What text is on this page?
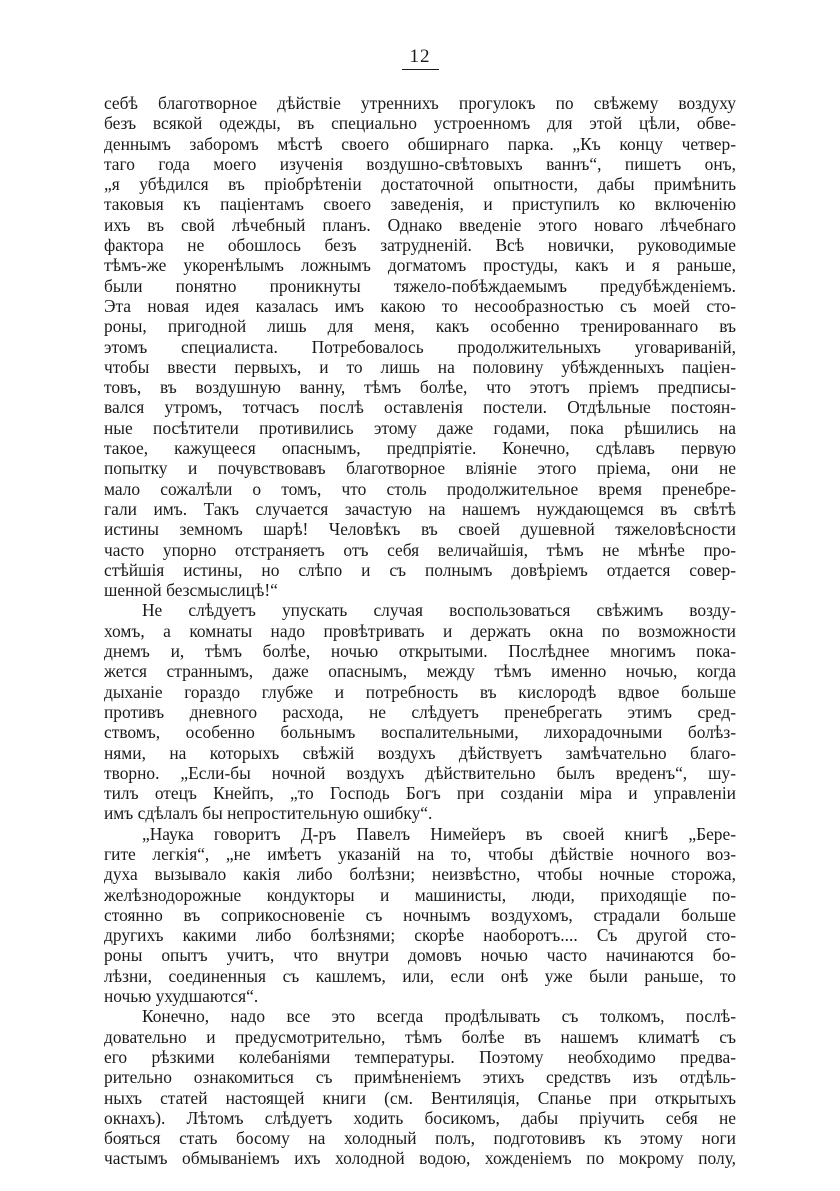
12
себѣ благотворное дѣйствіе утреннихъ прогулокъ по свѣжему воздуху
безъ всякой одежды, въ специально устроенномъ для этой цѣли, обве-
деннымъ заборомъ мѣстѣ своего обширнаго парка. „Къ концу четвер-
таго года моего изученія воздушно-свѣтовыхъ ваннъ“, пишетъ онъ,
„я убѣдился въ пріобрѣтеніи достаточной опытности, дабы примѣнить
таковыя къ пацiентамъ своего заведенія, и приступилъ ко включенію
ихъ въ свой лѣчебный планъ. Однако введеніе этого новаго лѣчебнаго
фактора не обошлось безъ затрудненій. Всѣ новички, руководимые
тѣмъ-же укоренѣлымъ ложнымъ догматомъ простуды, какъ и я раньше,
были понятно проникнуты тяжело-побѣждаемымъ предубѣжденіемъ.
Эта новая идея казалась имъ какою то несообразностью съ моей сто-
роны, пригодной лишь для меня, какъ особенно тренированнаго въ
этомъ специалиста. Потребовалось продолжительныхъ уговариваній,
чтобы ввести первыхъ, и то лишь на половину убѣжденныхъ пацiен-
товъ, въ воздушную ванну, тѣмъ болѣе, что этотъ пріемъ предписы-
вался утромъ, тотчасъ послѣ оставленія постели. Отдѣльные постоян-
ные посѣтители противились этому даже годами, пока рѣшились на
такое, кажущееся опаснымъ, предпріятіе. Конечно, сдѣлавъ первую
попытку и почувствовавъ благотворное вліяніе этого пріема, они не
мало сожалѣли о томъ, что столь продолжительное время пренебре-
гали имъ. Такъ случается зачастую на нашемъ нуждающемся въ свѣтѣ
истины земномъ шарѣ! Человѣкъ въ своей душевной тяжеловѣсности
часто упорно отстраняетъ отъ себя величайшія, тѣмъ не мѣнѣе про-
стѣйшія истины, но слѣпо и съ полнымъ довѣріемъ отдается совер-
шенной безсмыслицѣ!“
Не слѣдуетъ упускать случая воспользоваться свѣжимъ возду-
хомъ, а комнаты надо провѣтривать и держать окна по возможности
днемъ и, тѣмъ болѣе, ночью открытыми. Послѣднее многимъ пока-
жется страннымъ, даже опаснымъ, между тѣмъ именно ночью, когда
дыханіе гораздо глубже и потребность въ кислородѣ вдвое больше
противъ дневного расхода, не слѣдуетъ пренебрегать этимъ сред-
ствомъ, особенно больнымъ воспалительными, лихорадочными болѣз-
нями, на которыхъ свѣжій воздухъ дѣйствуетъ замѣчательно благо-
творно. „Если-бы ночной воздухъ дѣйствительно былъ вреденъ“, шу-
тилъ отецъ Кнейпъ, „то Господь Богъ при созданіи міра и управленіи
имъ сдѣлалъ бы непростительную ошибку“.
„Наука говоритъ Д-ръ Павелъ Нимейеръ въ своей книгѣ „Бере-
гите легкія“, „не имѣетъ указаній на то, чтобы дѣйствіе ночного воз-
духа вызывало какія либо болѣзни; неизвѣстно, чтобы ночные сторожа,
желѣзнодорожные кондукторы и машинисты, люди, приходящіе по-
стоянно въ соприкосновеніе съ ночнымъ воздухомъ, страдали больше
другихъ какими либо болѣзнями; скорѣе наоборотъ.... Съ другой сто-
роны опытъ учитъ, что внутри домовъ ночью часто начинаются бо-
лѣзни, соединенныя съ кашлемъ, или, если онѣ уже были раньше, то
ночью ухудшаются“.
Конечно, надо все это всегда продѣлывать съ толкомъ, послѣ-
довательно и предусмотрительно, тѣмъ болѣе въ нашемъ климатѣ съ
его рѣзкими колебаніями температуры. Поэтому необходимо предва-
рительно ознакомиться съ примѣненіемъ этихъ средствъ изъ отдѣль-
ныхъ статей настоящей книги (см. Вентиляція, Спанье при открытыхъ
окнахъ). Лѣтомъ слѣдуетъ ходить босикомъ, дабы пріучить себя не
бояться стать босому на холодный полъ, подготовивъ къ этому ноги
частымъ обмываніемъ ихъ холодной водою, хожденіемъ по мокрому полу,
